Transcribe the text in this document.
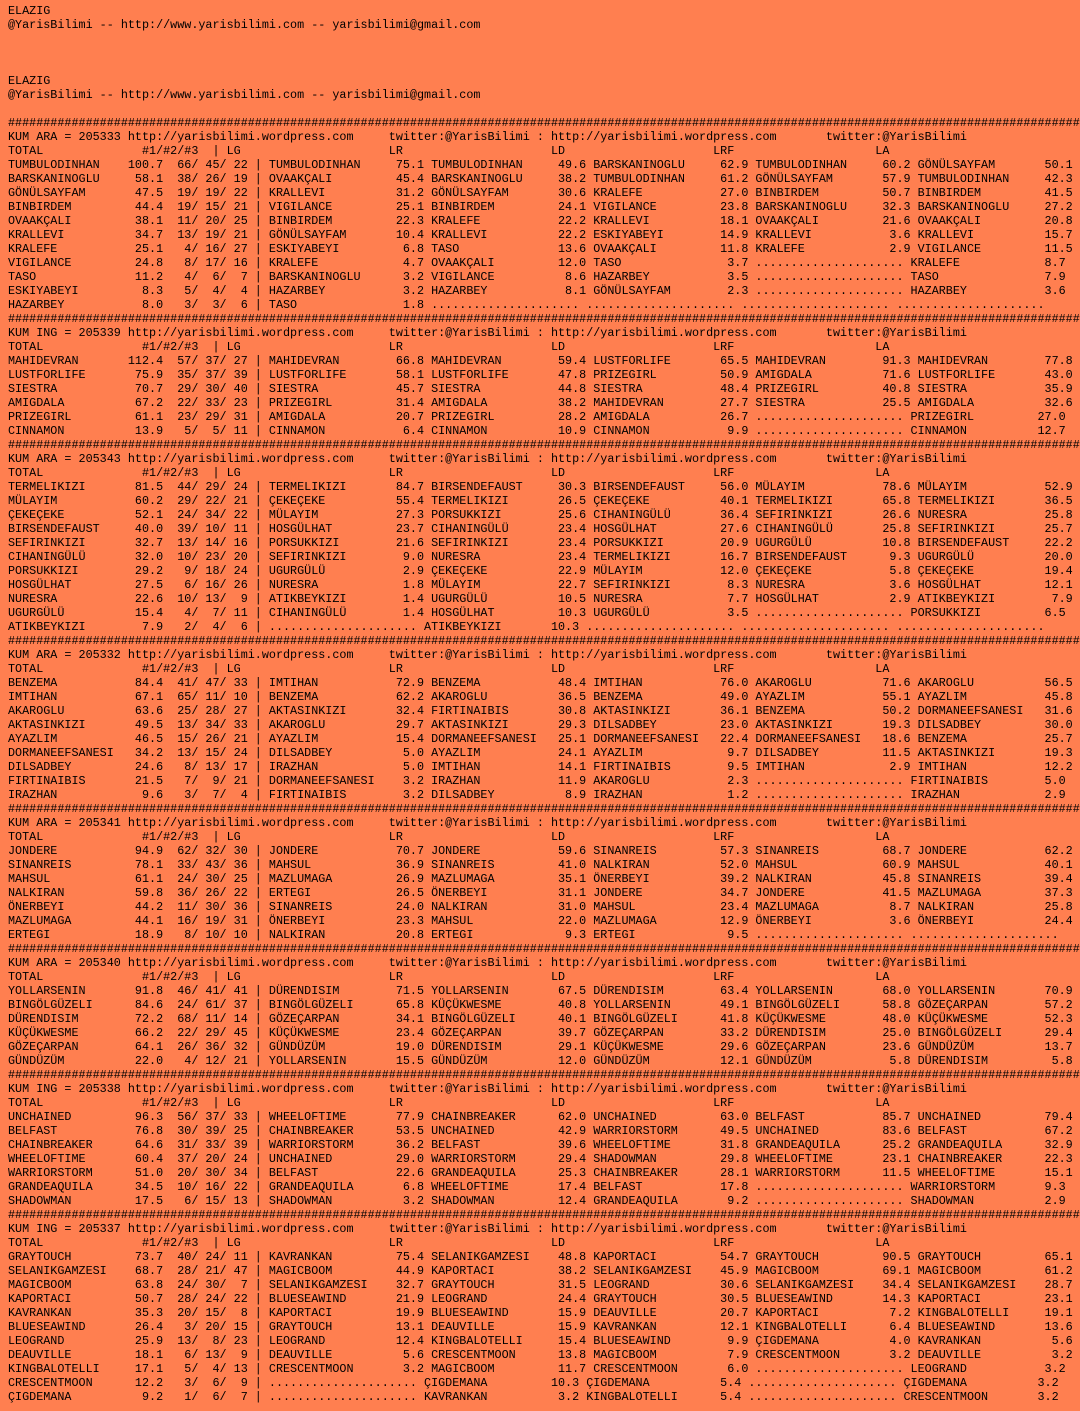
ELAZIG
@YarisBilimi -- http://www.yarisbilimi.com -- yarisbilimi@gmail.com

ELAZIG
@YarisBilimi -- http://www.yarisbilimi.com -- yarisbilimi@gmail.com

########################################################################################################################################################
KUM ARA = 205333 http://yarisbilimi.wordpress.com     twitter:@YarisBilimi : http://yarisbilimi.wordpress.com       twitter:@YarisBilimi
TOTAL              #1/#2/#3  | LG                     LR                     LD                     LRF                    LA
TUMBULODINHAN    100.7  66/ 45/ 22 | TUMBULODINHAN     75.1 TUMBULODINHAN     49.6 BARSKANINOGLU     62.9 TUMBULODINHAN     60.2 GÖNÜLSAYFAM       50.1
BARSKANINOGLU     58.1  38/ 26/ 19 | OVAAKÇALI         45.4 BARSKANINOGLU     38.2 TUMBULODINHAN     61.2 GÖNÜLSAYFAM       57.9 TUMBULODINHAN     42.3
GÖNÜLSAYFAM       47.5  19/ 19/ 22 | KRALLEVI          31.2 GÖNÜLSAYFAM       30.6 KRALEFE           27.0 BINBIRDEM         50.7 BINBIRDEM         41.5
BINBIRDEM         44.4  19/ 15/ 21 | VIGILANCE         25.1 BINBIRDEM         24.1 VIGILANCE         23.8 BARSKANINOGLU     32.3 BARSKANINOGLU     27.2
OVAAKÇALI         38.1  11/ 20/ 25 | BINBIRDEM         22.3 KRALEFE           22.2 KRALLEVI          18.1 OVAAKÇALI         21.6 OVAAKÇALI         20.8
KRALLEVI          34.7  13/ 19/ 21 | GÖNÜLSAYFAM       10.4 KRALLEVI          22.2 ESKIYABEYI        14.9 KRALLEVI           3.6 KRALLEVI          15.7
KRALEFE           25.1   4/ 16/ 27 | ESKIYABEYI         6.8 TASO              13.6 OVAAKÇALI         11.8 KRALEFE            2.9 VIGILANCE         11.5
VIGILANCE         24.8   8/ 17/ 16 | KRALEFE            4.7 OVAAKÇALI         12.0 TASO               3.7 ..................... KRALEFE            8.7
TASO              11.2   4/  6/  7 | BARSKANINOGLU      3.2 VIGILANCE          8.6 HAZARBEY           3.5 ..................... TASO               7.9
ESKIYABEYI         8.3   5/  4/  4 | HAZARBEY           3.2 HAZARBEY           8.1 GÖNÜLSAYFAM        2.3 ..................... HAZARBEY           3.6
HAZARBEY           8.0   3/  3/  6 | TASO               1.8 ..................... ..................... ..................... .....................
########################################################################################################################################################
KUM ING = 205339 http://yarisbilimi.wordpress.com     twitter:@YarisBilimi : http://yarisbilimi.wordpress.com       twitter:@YarisBilimi
TOTAL              #1/#2/#3  | LG                     LR                     LD                     LRF                    LA
MAHIDEVRAN       112.4  57/ 37/ 27 | MAHIDEVRAN        66.8 MAHIDEVRAN        59.4 LUSTFORLIFE       65.5 MAHIDEVRAN        91.3 MAHIDEVRAN        77.8
LUSTFORLIFE       75.9  35/ 37/ 39 | LUSTFORLIFE       58.1 LUSTFORLIFE       47.8 PRIZEGIRL         50.9 AMIGDALA          71.6 LUSTFORLIFE       43.0
SIESTRA           70.7  29/ 30/ 40 | SIESTRA           45.7 SIESTRA           44.8 SIESTRA           48.4 PRIZEGIRL         40.8 SIESTRA           35.9
AMIGDALA          67.2  22/ 33/ 23 | PRIZEGIRL         31.4 AMIGDALA          38.2 MAHIDEVRAN        27.7 SIESTRA           25.5 AMIGDALA          32.6
PRIZEGIRL         61.1  23/ 29/ 31 | AMIGDALA          20.7 PRIZEGIRL         28.2 AMIGDALA          26.7 ..................... PRIZEGIRL         27.0
CINNAMON          13.9   5/  5/ 11 | CINNAMON           6.4 CINNAMON          10.9 CINNAMON           9.9 ..................... CINNAMON          12.7
########################################################################################################################################################
KUM ARA = 205343 http://yarisbilimi.wordpress.com     twitter:@YarisBilimi : http://yarisbilimi.wordpress.com       twitter:@YarisBilimi
TOTAL              #1/#2/#3  | LG                     LR                     LD                     LRF                    LA
TERMELIKIZI       81.5  44/ 29/ 24 | TERMELIKIZI       84.7 BIRSENDEFAUST     30.3 BIRSENDEFAUST     56.0 MÜLAYIM           78.6 MÜLAYIM           52.9
MÜLAYIM           60.2  29/ 22/ 21 | ÇEKEÇEKE          55.4 TERMELIKIZI       26.5 ÇEKEÇEKE          40.1 TERMELIKIZI       65.8 TERMELIKIZI       36.5
ÇEKEÇEKE          52.1  24/ 34/ 22 | MÜLAYIM           27.3 PORSUKKIZI        25.6 CIHANINGÜLÜ       36.4 SEFIRINKIZI       26.6 NURESRA           25.8
BIRSENDEFAUST     40.0  39/ 10/ 11 | HOSGÜLHAT         23.7 CIHANINGÜLÜ       23.4 HOSGÜLHAT         27.6 CIHANINGÜLÜ       25.8 SEFIRINKIZI       25.7
SEFIRINKIZI       32.7  13/ 14/ 16 | PORSUKKIZI        21.6 SEFIRINKIZI       23.4 PORSUKKIZI        20.9 UGURGÜLÜ          10.8 BIRSENDEFAUST     22.2
CIHANINGÜLÜ       32.0  10/ 23/ 20 | SEFIRINKIZI        9.0 NURESRA           23.4 TERMELIKIZI       16.7 BIRSENDEFAUST      9.3 UGURGÜLÜ          20.0
PORSUKKIZI        29.2   9/ 18/ 24 | UGURGÜLÜ           2.9 ÇEKEÇEKE          22.9 MÜLAYIM           12.0 ÇEKEÇEKE           5.8 ÇEKEÇEKE          19.4
HOSGÜLHAT         27.5   6/ 16/ 26 | NURESRA            1.8 MÜLAYIM           22.7 SEFIRINKIZI        8.3 NURESRA            3.6 HOSGÜLHAT         12.1
NURESRA           22.6  10/ 13/  9 | ATIKBEYKIZI        1.4 UGURGÜLÜ          10.5 NURESRA            7.7 HOSGÜLHAT          2.9 ATIKBEYKIZI        7.9
UGURGÜLÜ          15.4   4/  7/ 11 | CIHANINGÜLÜ        1.4 HOSGÜLHAT         10.3 UGURGÜLÜ           3.5 ..................... PORSUKKIZI         6.5
ATIKBEYKIZI        7.9   2/  4/  6 | ..................... ATIKBEYKIZI       10.3 ..................... ..................... .....................
########################################################################################################################################################
KUM ARA = 205332 http://yarisbilimi.wordpress.com     twitter:@YarisBilimi : http://yarisbilimi.wordpress.com       twitter:@YarisBilimi
TOTAL              #1/#2/#3  | LG                     LR                     LD                     LRF                    LA
BENZEMA           84.4  41/ 47/ 33 | IMTIHAN           72.9 BENZEMA           48.4 IMTIHAN           76.0 AKAROGLU          71.6 AKAROGLU          56.5
IMTIHAN           67.1  65/ 11/ 10 | BENZEMA           62.2 AKAROGLU          36.5 BENZEMA           49.0 AYAZLIM           55.1 AYAZLIM           45.8
AKAROGLU          63.6  25/ 28/ 27 | AKTASINKIZI       32.4 FIRTINAIBIS       30.8 AKTASINKIZI       36.1 BENZEMA           50.2 DORMANEEFSANESI   31.6
AKTASINKIZI       49.5  13/ 34/ 33 | AKAROGLU          29.7 AKTASINKIZI       29.3 DILSADBEY         23.0 AKTASINKIZI       19.3 DILSADBEY         30.0
AYAZLIM           46.5  15/ 26/ 21 | AYAZLIM           15.4 DORMANEEFSANESI   25.1 DORMANEEFSANESI   22.4 DORMANEEFSANESI   18.6 BENZEMA           25.7
DORMANEEFSANESI   34.2  13/ 15/ 24 | DILSADBEY          5.0 AYAZLIM           24.1 AYAZLIM            9.7 DILSADBEY         11.5 AKTASINKIZI       19.3
DILSADBEY         24.6   8/ 13/ 17 | IRAZHAN            5.0 IMTIHAN           14.1 FIRTINAIBIS        9.5 IMTIHAN            2.9 IMTIHAN           12.2
FIRTINAIBIS       21.5   7/  9/ 21 | DORMANEEFSANESI    3.2 IRAZHAN           11.9 AKAROGLU           2.3 ..................... FIRTINAIBIS        5.0
IRAZHAN            9.6   3/  7/  4 | FIRTINAIBIS        3.2 DILSADBEY          8.9 IRAZHAN            1.2 ..................... IRAZHAN            2.9
########################################################################################################################################################
KUM ARA = 205341 http://yarisbilimi.wordpress.com     twitter:@YarisBilimi : http://yarisbilimi.wordpress.com       twitter:@YarisBilimi
TOTAL              #1/#2/#3  | LG                     LR                     LD                     LRF                    LA
JONDERE           94.9  62/ 32/ 30 | JONDERE           70.7 JONDERE           59.6 SINANREIS         57.3 SINANREIS         68.7 JONDERE           62.2
SINANREIS         78.1  33/ 43/ 36 | MAHSUL            36.9 SINANREIS         41.0 NALKIRAN          52.0 MAHSUL            60.9 MAHSUL            40.1
MAHSUL            61.1  24/ 30/ 25 | MAZLUMAGA         26.9 MAZLUMAGA         35.1 ÖNERBEYI          39.2 NALKIRAN          45.8 SINANREIS         39.4
NALKIRAN          59.8  36/ 26/ 22 | ERTEGI            26.5 ÖNERBEYI          31.1 JONDERE           34.7 JONDERE           41.5 MAZLUMAGA         37.3
ÖNERBEYI          44.2  11/ 30/ 36 | SINANREIS         24.0 NALKIRAN          31.0 MAHSUL            23.4 MAZLUMAGA          8.7 NALKIRAN          25.8
MAZLUMAGA         44.1  16/ 19/ 31 | ÖNERBEYI          23.3 MAHSUL            22.0 MAZLUMAGA         12.9 ÖNERBEYI           3.6 ÖNERBEYI          24.4
ERTEGI            18.9   8/ 10/ 10 | NALKIRAN          20.8 ERTEGI             9.3 ERTEGI             9.5 ..................... .....................
########################################################################################################################################################
KUM ARA = 205340 http://yarisbilimi.wordpress.com     twitter:@YarisBilimi : http://yarisbilimi.wordpress.com       twitter:@YarisBilimi
TOTAL              #1/#2/#3  | LG                     LR                     LD                     LRF                    LA
YOLLARSENIN       91.8  46/ 41/ 41 | DÜRENDISIM        71.5 YOLLARSENIN       67.5 DÜRENDISIM        63.4 YOLLARSENIN       68.0 YOLLARSENIN       70.9
BINGÖLGÜZELI      84.6  24/ 61/ 37 | BINGÖLGÜZELI      65.8 KÜÇÜKWESME        40.8 YOLLARSENIN       49.1 BINGÖLGÜZELI      58.8 GÖZEÇARPAN        57.2
DÜRENDISIM        72.2  68/ 11/ 14 | GÖZEÇARPAN        34.1 BINGÖLGÜZELI      40.1 BINGÖLGÜZELI      41.8 KÜÇÜKWESME        48.0 KÜÇÜKWESME        52.3
KÜÇÜKWESME        66.2  22/ 29/ 45 | KÜÇÜKWESME        23.4 GÖZEÇARPAN        39.7 GÖZEÇARPAN        33.2 DÜRENDISIM        25.0 BINGÖLGÜZELI      29.4
GÖZEÇARPAN        64.1  26/ 36/ 32 | GÜNDÜZÜM          19.0 DÜRENDISIM        29.1 KÜÇÜKWESME        29.6 GÖZEÇARPAN        23.6 GÜNDÜZÜM          13.7
GÜNDÜZÜM          22.0   4/ 12/ 21 | YOLLARSENIN       15.5 GÜNDÜZÜM          12.0 GÜNDÜZÜM          12.1 GÜNDÜZÜM           5.8 DÜRENDISIM         5.8
########################################################################################################################################################
KUM ING = 205338 http://yarisbilimi.wordpress.com     twitter:@YarisBilimi : http://yarisbilimi.wordpress.com       twitter:@YarisBilimi
TOTAL              #1/#2/#3  | LG                     LR                     LD                     LRF                    LA
UNCHAINED         96.3  56/ 37/ 33 | WHEELOFTIME       77.9 CHAINBREAKER      62.0 UNCHAINED         63.0 BELFAST           85.7 UNCHAINED         79.4
BELFAST           76.8  30/ 39/ 25 | CHAINBREAKER      53.5 UNCHAINED         42.9 WARRIORSTORM      49.5 UNCHAINED         83.6 BELFAST           67.2
CHAINBREAKER      64.6  31/ 33/ 39 | WARRIORSTORM      36.2 BELFAST           39.6 WHEELOFTIME       31.8 GRANDEAQUILA      25.2 GRANDEAQUILA      32.9
WHEELOFTIME       60.4  37/ 20/ 24 | UNCHAINED         29.0 WARRIORSTORM      29.4 SHADOWMAN         29.8 WHEELOFTIME       23.1 CHAINBREAKER      22.3
WARRIORSTORM      51.0  20/ 30/ 34 | BELFAST           22.6 GRANDEAQUILA      25.3 CHAINBREAKER      28.1 WARRIORSTORM      11.5 WHEELOFTIME       15.1
GRANDEAQUILA      34.5  10/ 16/ 22 | GRANDEAQUILA       6.8 WHEELOFTIME       17.4 BELFAST           17.8 ..................... WARRIORSTORM       9.3
SHADOWMAN         17.5   6/ 15/ 13 | SHADOWMAN          3.2 SHADOWMAN         12.4 GRANDEAQUILA       9.2 ..................... SHADOWMAN          2.9
########################################################################################################################################################
KUM ING = 205337 http://yarisbilimi.wordpress.com     twitter:@YarisBilimi : http://yarisbilimi.wordpress.com       twitter:@YarisBilimi
TOTAL              #1/#2/#3  | LG                     LR                     LD                     LRF                    LA
GRAYTOUCH         73.7  40/ 24/ 11 | KAVRANKAN         75.4 SELANIKGAMZESI    48.8 KAPORTACI         54.7 GRAYTOUCH         90.5 GRAYTOUCH         65.1
SELANIKGAMZESI    68.7  28/ 21/ 47 | MAGICBOOM         44.9 KAPORTACI         38.2 SELANIKGAMZESI    45.9 MAGICBOOM         69.1 MAGICBOOM         61.2
MAGICBOOM         63.8  24/ 30/  7 | SELANIKGAMZESI    32.7 GRAYTOUCH         31.5 LEOGRAND          30.6 SELANIKGAMZESI    34.4 SELANIKGAMZESI    28.7
KAPORTACI         50.7  28/ 24/ 22 | BLUESEAWIND       21.9 LEOGRAND          24.4 GRAYTOUCH         30.5 BLUESEAWIND       14.3 KAPORTACI         23.1
KAVRANKAN         35.3  20/ 15/  8 | KAPORTACI         19.9 BLUESEAWIND       15.9 DEAUVILLE         20.7 KAPORTACI          7.2 KINGBALOTELLI     19.1
BLUESEAWIND       26.4   3/ 20/ 15 | GRAYTOUCH         13.1 DEAUVILLE         15.9 KAVRANKAN         12.1 KINGBALOTELLI      6.4 BLUESEAWIND       13.6
LEOGRAND          25.9  13/  8/ 23 | LEOGRAND          12.4 KINGBALOTELLI     15.4 BLUESEAWIND        9.9 ÇIGDEMANA          4.0 KAVRANKAN          5.6
DEAUVILLE         18.1   6/ 13/  9 | DEAUVILLE          5.6 CRESCENTMOON      13.8 MAGICBOOM          7.9 CRESCENTMOON       3.2 DEAUVILLE          3.2
KINGBALOTELLI     17.1   5/  4/ 13 | CRESCENTMOON       3.2 MAGICBOOM         11.7 CRESCENTMOON       6.0 ..................... LEOGRAND           3.2
CRESCENTMOON      12.2   3/  6/  9 | ..................... ÇIGDEMANA         10.3 ÇIGDEMANA          5.4 ..................... ÇIGDEMANA          3.2
ÇIGDEMANA          9.2   1/  6/  7 | ..................... KAVRANKAN          3.2 KINGBALOTELLI      5.4 ..................... CRESCENTMOON       3.2
